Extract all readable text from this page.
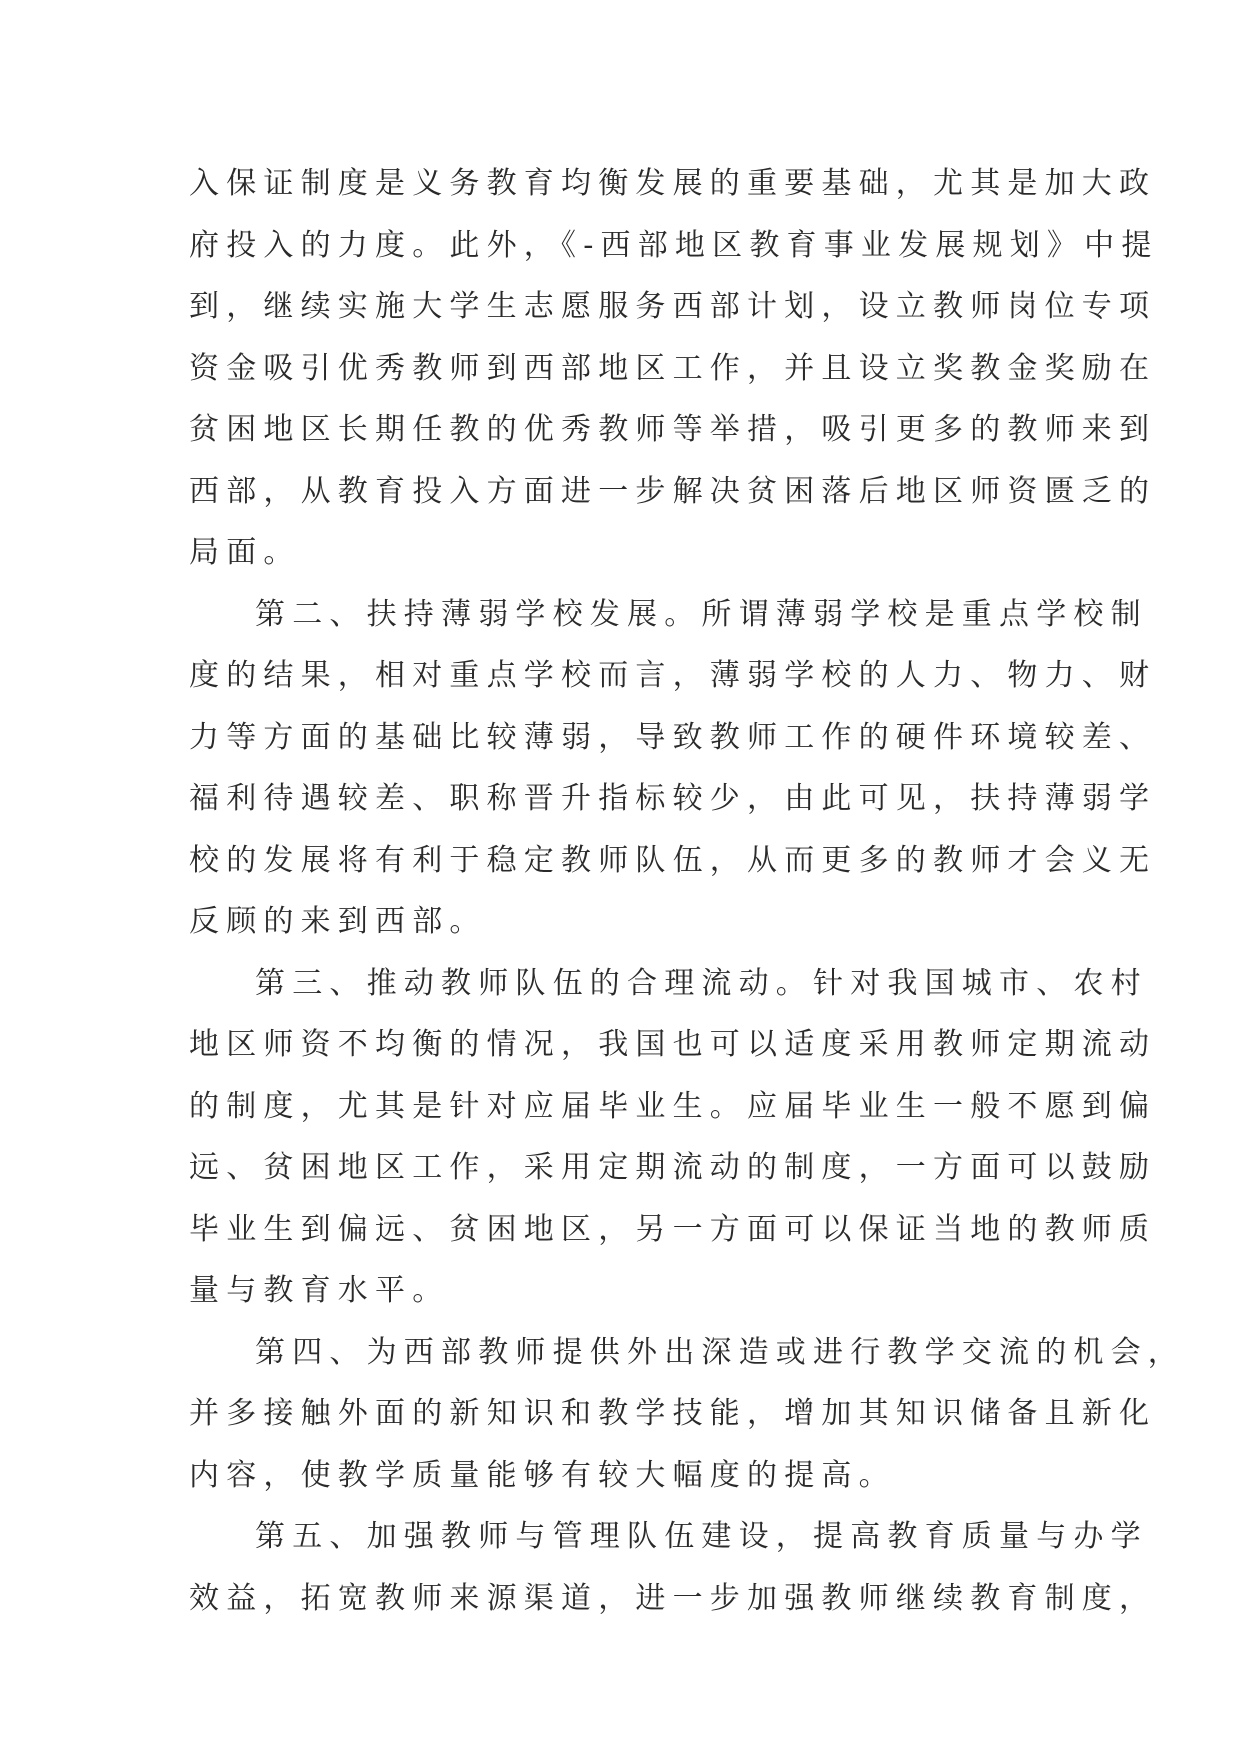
入保证制度是义务教育均衡发展的重要基础，尤其是加大政
府投入的力度。此外，《-西部地区教育事业发展规划》中提
到，继续实施大学生志愿服务西部计划，设立教师岗位专项
资金吸引优秀教师到西部地区工作，并且设立奖教金奖励在
贫困地区长期任教的优秀教师等举措，吸引更多的教师来到
西部，从教育投入方面进一步解决贫困落后地区师资匮乏的
局面。
第二、扶持薄弱学校发展。所谓薄弱学校是重点学校制
度的结果，相对重点学校而言，薄弱学校的人力、物力、财
力等方面的基础比较薄弱，导致教师工作的硬件环境较差、
福利待遇较差、职称晋升指标较少，由此可见，扶持薄弱学
校的发展将有利于稳定教师队伍，从而更多的教师才会义无
反顾的来到西部。
第三、推动教师队伍的合理流动。针对我国城市、农村
地区师资不均衡的情况，我国也可以适度采用教师定期流动
的制度，尤其是针对应届毕业生。应届毕业生一般不愿到偏
远、贫困地区工作，采用定期流动的制度，一方面可以鼓励
毕业生到偏远、贫困地区，另一方面可以保证当地的教师质
量与教育水平。
第四、为西部教师提供外出深造或进行教学交流的机会，
并多接触外面的新知识和教学技能，增加其知识储备且新化
内容，使教学质量能够有较大幅度的提高。
第五、加强教师与管理队伍建设，提高教育质量与办学
效益，拓宽教师来源渠道，进一步加强教师继续教育制度，
